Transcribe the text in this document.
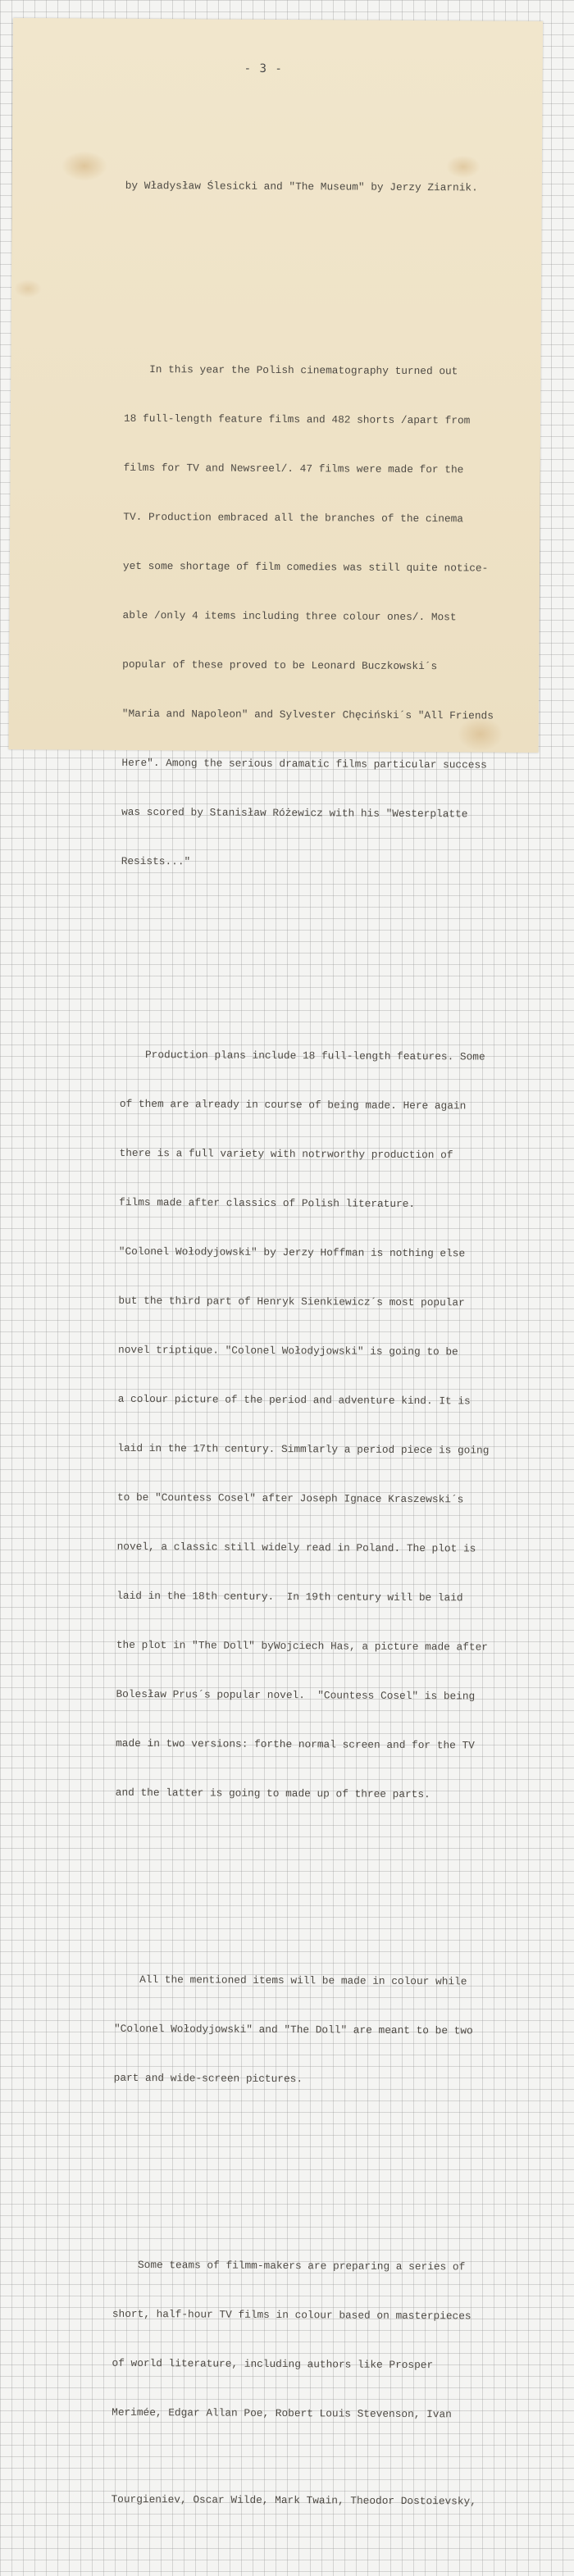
- 3 -

by Władysław Ślesicki and "The Museum" by Jerzy Ziarnik.

In this year the Polish cinematography turned out

18 full-length feature films and 482 shorts /apart from

films for TV and Newsreel/. 47 films were made for the

TV. Production embraced all the branches of the cinema

yet some shortage of film comedies was still quite notice-

able /only 4 items including three colour ones/. Most

popular of these proved to be Leonard Buczkowski´s

"Maria and Napoleon" and Sylvester Chęciński´s "All Friends

Here". Among the serious dramatic films particular success

was scored by Stanisław Różewicz with his "Westerplatte

Resists..."

Production plans include 18 full-length features. Some

of them are already in course of being made. Here again

there is a full variety with notrworthy production of

films made after classics of Polish literature.

"Colonel Wołodyjowski" by Jerzy Hoffman is nothing else

but the third part of Henryk Sienkiewicz´s most popular

novel triptique. "Colonel Wołodyjowski" is going to be

a colour picture of the period and adventure kind. It is

laid in the 17th century. Simmlarly a period piece is going

to be "Countess Cosel" after Joseph Ignace Kraszewski´s

novel, a classic still widely read in Poland. The plot is

laid in the 18th century.  In 19th century will be laid

the plot in "The Doll" byWojciech Has, a picture made after

Bolesław Prus´s popular novel.  "Countess Cosel" is being

made in two versions: forthe normal screen and for the TV

and the latter is going to made up of three parts.

All the mentioned items will be made in colour while

"Colonel Wołodyjowski" and "The Doll" are meant to be two

part and wide-screen pictures.

Some teams of filmm-makers are preparing a series of

short, half-hour TV films in colour based on masterpieces

of world literature, including authors like Prosper

Merimée, Edgar Allan Poe, Robert Louis Stevenson, Ivan

Tourgieniev, Oscar Wilde, Mark Twain, Theodor Dostoievsky,
